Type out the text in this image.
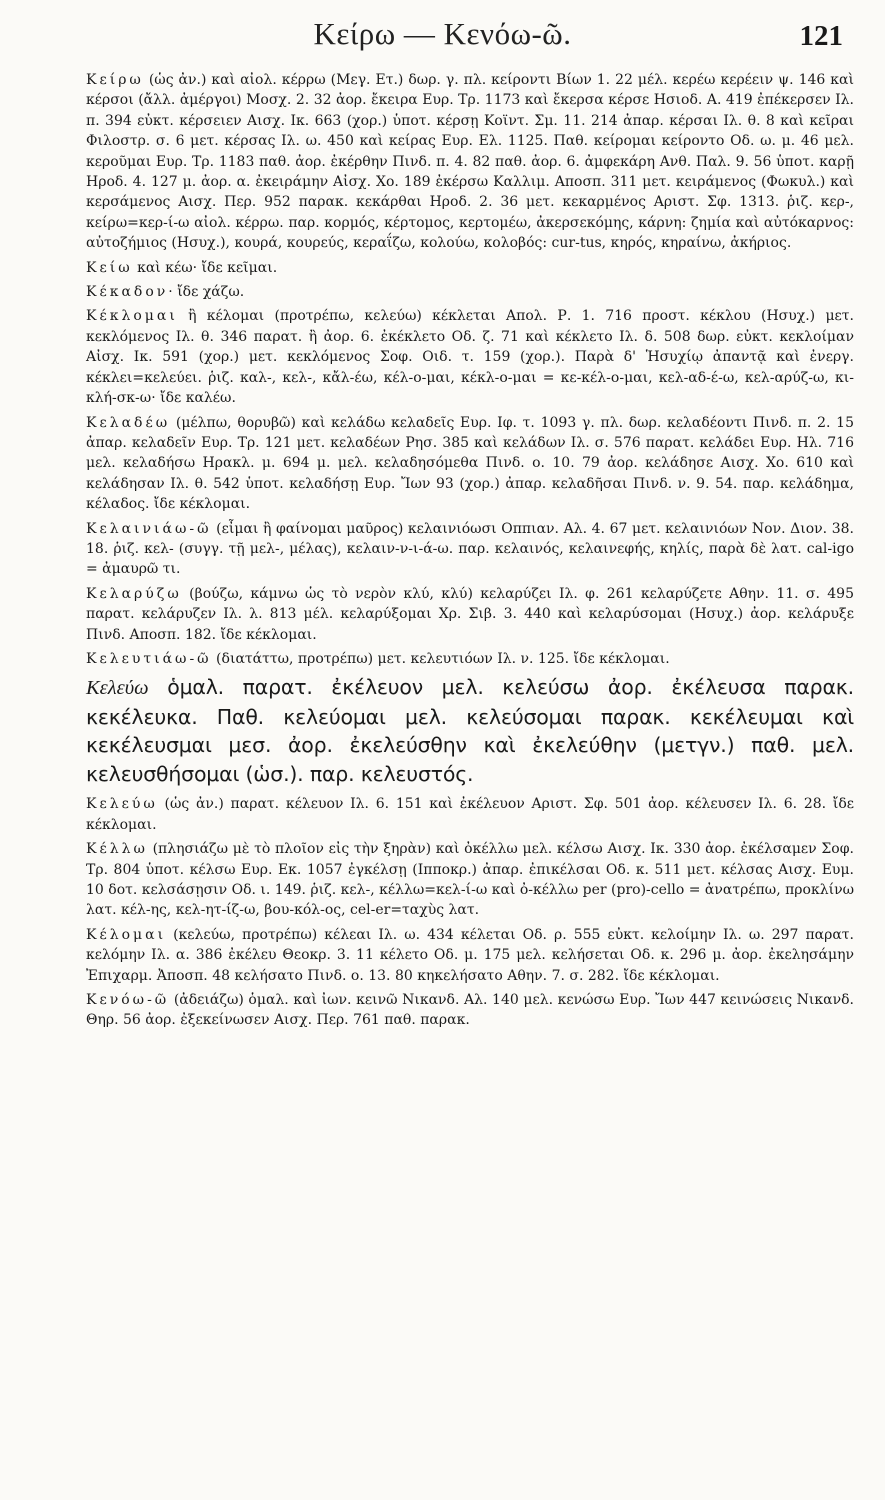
Κείρω — Κενόω-ῶ.	121

Κείρω (ὡς ἀν.) καὶ αἰολ. κέρρω (Μεγ. Ετ.) δωρ. γ. πλ. κείροντι Βίων 1. 22 μέλ. κερέω κερέειν ψ. 146 καὶ κέρσοι (ἄλλ. ἀμέργοι) Μοσχ. 2. 32 ἀορ. ἔκειρα Ευρ. Τρ. 1173 καὶ ἔκερσα κέρσε Ησιοδ. Α. 419 ἐπέκερσεν Ιλ. π. 394 εὐκτ. κέρσειεν Αισχ. Ικ. 663 (χορ.) ὑποτ. κέρσῃ Κοϊντ. Σμ. 11. 214 ἀπαρ. κέρσαι Ιλ. θ. 8 καὶ κεῖραι Φιλοστρ. σ. 6 μετ. κέρσας Ιλ. ω. 450 καὶ κείρας Ευρ. Ελ. 1125. Παθ. κείρομαι κείροντο Οδ. ω. μ. 46 μελ. κεροῦμαι Ευρ. Τρ. 1183 παθ. ἀορ. ἐκέρθην Πινδ. π. 4. 82 παθ. ἀορ. 6. ἀμφεκάρη Ανθ. Παλ. 9. 56 ὑποτ. καρῇ Ηροδ. 4. 127 μ. ἀορ. α. ἐκειράμην Αἰσχ. Χο. 189 ἐκέρσω Καλλιμ. Αποσπ. 311 μετ. κειράμενος (Φωκυλ.) καὶ κερσάμενος Αισχ. Περ. 952 παρακ. κεκάρθαι Ηροδ. 2. 36 μετ. κεκαρμένος Αριστ. Σφ. 1313. ῥιζ. κερ-, κείρω=κερ-ί-ω αἰολ. κέρρω. παρ. κορμός, κέρτομος, κερτομέω, ἀκερσεκόμης, κάρνη: ζημία καὶ αὐτόκαρνος: αὐτοζήμιος (Ησυχ.), κουρά, κουρεύς, κεραΐζω, κολούω, κολοβός: cur-tus, κηρός, κηραίνω, ἀκήριος.

Κείω καὶ κέω· ἴδε κεῖμαι.

Κέκαδον· ἴδε χάζω.

Κέκλομαι ἢ κέλομαι (προτρέπω, κελεύω) κέκλεται Απολ. Ρ. 1. 716 προστ. κέκλου (Ησυχ.) μετ. κεκλόμενος Ιλ. θ. 346 παρατ. ἢ ἀορ. 6. ἐκέκλετο Οδ. ζ. 71 καὶ κέκλετο Ιλ. δ. 508 δωρ. εὐκτ. κεκλοίμαν Αἰσχ. Ικ. 591 (χορ.) μετ. κεκλόμενος Σοφ. Οιδ. τ. 159 (χορ.). Παρὰ δ' Ἡσυχίῳ ἀπαντᾷ καὶ ἐνεργ. κέκλει=κελεύει. ῥιζ. καλ-, κελ-, κἄλ-έω, κέλ-ο-μαι, κέκλ-ο-μαι = κε-κέλ-ο-μαι, κελ-αδ-έ-ω, κελ-αρύζ-ω, κι-κλή-σκ-ω· ἴδε καλέω.

Κελαδέω (μέλπω, θορυβῶ) καὶ κελάδω κελαδεῖς Ευρ. Ιφ. τ. 1093 γ. πλ. δωρ. κελαδέοντι Πινδ. π. 2. 15 ἀπαρ. κελαδεῖν Ευρ. Τρ. 121 μετ. κελαδέων Ρησ. 385 καὶ κελάδων Ιλ. σ. 576 παρατ. κελάδει Ευρ. Ηλ. 716 μελ. κελαδήσω Ηρακλ. μ. 694 μ. μελ. κελαδησόμεθα Πινδ. ο. 10. 79 ἀορ. κελάδησε Αισχ. Χο. 610 καὶ κελάδησαν Ιλ. θ. 542 ὑποτ. κελαδήσῃ Ευρ. Ἴων 93 (χορ.) ἀπαρ. κελαδῆσαι Πινδ. ν. 9. 54. παρ. κελάδημα, κέλαδος. ἴδε κέκλομαι.

Κελαινιάω-ῶ (εἶμαι ἢ φαίνομαι μαῦρος) κελαινιόωσι Οππιαν. Αλ. 4. 67 μετ. κελαινιόων Νον. Διον. 38. 18. ῥιζ. κελ- (συγγ. τῇ μελ-, μέλας), κελαιν-ν-ι-ά-ω. παρ. κελαινός, κελαινεφής, κηλίς, παρὰ δὲ λατ. cal-igo = ἀμαυρῶ τι.

Κελαρύζω (βούζω, κάμνω ὡς τὸ νερὸν κλύ, κλύ) κελαρύζει Ιλ. φ. 261 κελαρύζετε Αθην. 11. σ. 495 παρατ. κελάρυζεν Ιλ. λ. 813 μέλ. κελαρύξομαι Χρ. Σιβ. 3. 440 καὶ κελαρύσομαι (Ησυχ.) ἀορ. κελάρυξε Πινδ. Αποσπ. 182. ἴδε κέκλομαι.

Κελευτιάω-ῶ (διατάττω, προτρέπω) μετ. κελευτιόων Ιλ. ν. 125. ἴδε κέκλομαι.

Κελεύω ὁμαλ. παρατ. ἐκέλευον μελ. κελεύσω ἀορ. ἐκέλευσα παρακ. κεκέλευκα. Παθ. κελεύομαι μελ. κελεύσομαι παρακ. κεκέλευμαι καὶ κεκέλευσμαι μεσ. ἀορ. ἐκελεύσθην καὶ ἐκελεύθην (μετγν.) παθ. μελ. κελευσθήσομαι (ὡσ.). παρ. κελευστός.

Κελεύω (ὡς ἀν.) παρατ. κέλευον Ιλ. 6. 151 καὶ ἐκέλευον Αριστ. Σφ. 501 ἀορ. κέλευσεν Ιλ. 6. 28. ἴδε κέκλομαι.

Κέλλω (πλησιάζω μὲ τὸ πλοῖον εἰς τὴν ξηρὰν) καὶ ὀκέλλω μελ. κέλσω Αισχ. Ικ. 330 ἀορ. ἐκέλσαμεν Σοφ. Τρ. 804 ὑποτ. κέλσω Ευρ. Εκ. 1057 ἐγκέλσῃ (Ιπποκρ.) ἀπαρ. ἐπικέλσαι Οδ. κ. 511 μετ. κέλσας Αισχ. Ευμ. 10 δοτ. κελσάσῃσιν Οδ. ι. 149. ῥιζ. κελ-, κέλλω=κελ-ί-ω καὶ ὀ-κέλλω per (pro)-cello = ἀνατρέπω, προκλίνω λατ. κέλ-ης, κελ-ητ-ίζ-ω, βου-κόλ-ος, cel-er=ταχὺς λατ.

Κέλομαι (κελεύω, προτρέπω) κέλεαι Ιλ. ω. 434 κέλεται Οδ. ρ. 555 εὐκτ. κελοίμην Ιλ. ω. 297 παρατ. κελόμην Ιλ. α. 386 ἐκέλευ Θεοκρ. 3. 11 κέλετο Οδ. μ. 175 μελ. κελήσεται Οδ. κ. 296 μ. ἀορ. ἐκελησάμην Ἐπιχαρμ. Ἀποσπ. 48 κελήσατο Πινδ. ο. 13. 80 κηκελήσατο Αθην. 7. σ. 282. ἴδε κέκλομαι.

Κενόω-ῶ (ἀδειάζω) ὁμαλ. καὶ ἰων. κεινῶ Νικανδ. Αλ. 140 μελ. κενώσω Ευρ. Ἴων 447 κεινώσεις Νικανδ. Θηρ. 56 ἀορ. ἐξεκείνωσεν Αισχ. Περ. 761 παθ. παρακ.
